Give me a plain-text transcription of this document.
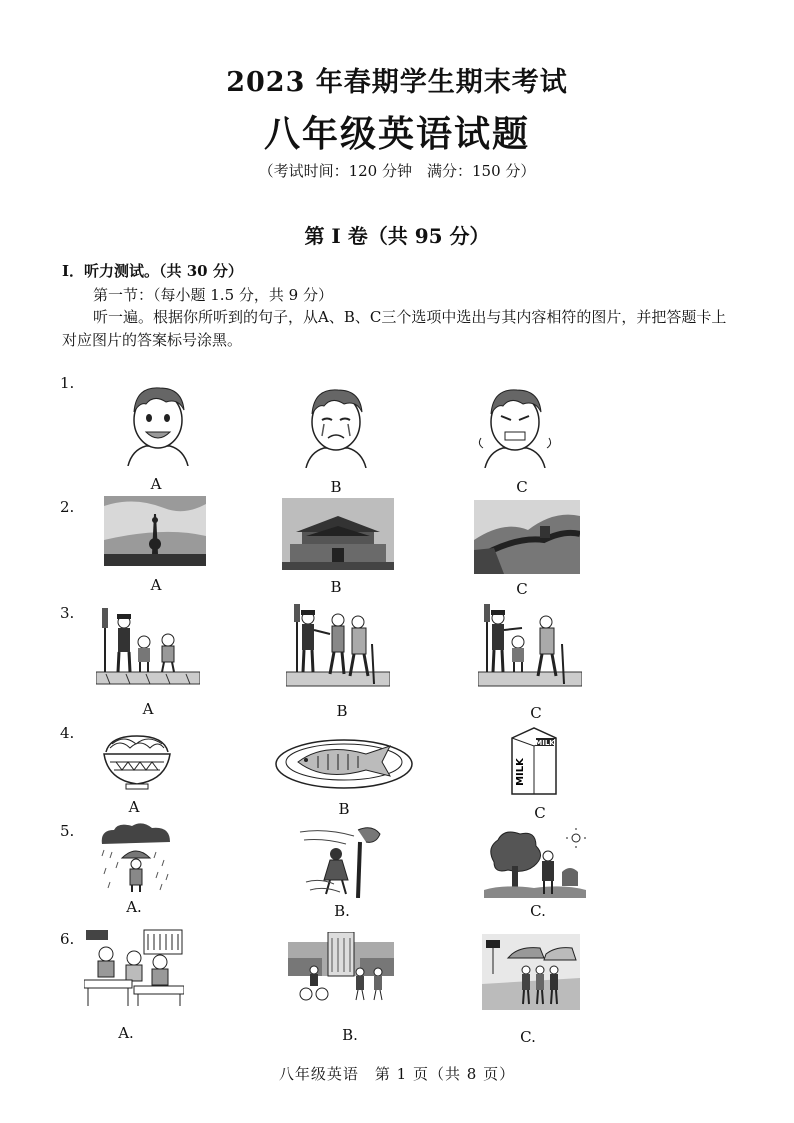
2023 年春期学生期末考试
八年级英语试题
（考试时间：120 分钟　满分：150 分）
第 I 卷（共 95 分）
I．听力测试。（共 30 分）
第一节：（每小题 1.5 分，共 9 分）
听一遍。根据你所听到的句子，从A、B、C三个选项中选出与其内容相符的图片，并把答题卡上对应图片的答案标号涂黑。
1.
2.
3.
4.
5.
6.
A	B	C
A	B	C
A	B	C
MILK
MILK
A	B	C
A.	B.	C.
A.	B.	C.
八年级英语　第 1 页（共 8 页）
